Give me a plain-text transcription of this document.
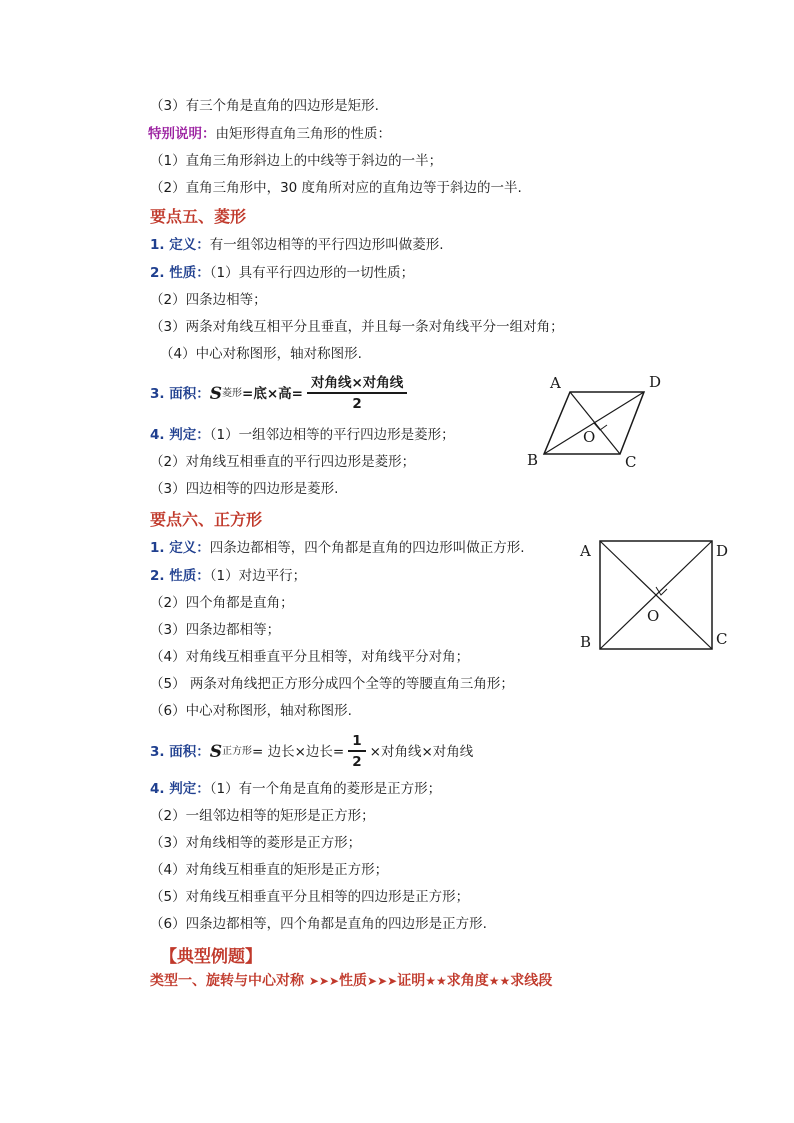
（3）有三个角是直角的四边形是矩形.
特别说明：由矩形得直角三角形的性质：
（1）直角三角形斜边上的中线等于斜边的一半；
（2）直角三角形中，30 度角所对应的直角边等于斜边的一半.
要点五、菱形
1. 定义：有一组邻边相等的平行四边形叫做菱形.
2. 性质：（1）具有平行四边形的一切性质；
（2）四条边相等；
（3）两条对角线互相平分且垂直，并且每一条对角线平分一组对角；
（4）中心对称图形，轴对称图形.
3. 面积：S菱形=底×高= $\frac{\text{对角线×对角线}}{2}$
4. 判定：（1）一组邻边相等的平行四边形是菱形；
（2）对角线互相垂直的平行四边形是菱形；
（3）四边相等的四边形是菱形.
A	D
B	C
O
要点六、正方形
1. 定义：四条边都相等，四个角都是直角的四边形叫做正方形.
2. 性质：（1）对边平行；
（2）四个角都是直角；
（3）四条边都相等；
（4）对角线互相垂直平分且相等，对角线平分对角；
（5） 两条对角线把正方形分成四个全等的等腰直角三角形；
（6）中心对称图形，轴对称图形.
3. 面积：S正方形= 边长×边长= $\frac{1}{2}$ ×对角线×对角线
4. 判定：（1）有一个角是直角的菱形是正方形；
（2）一组邻边相等的矩形是正方形；
（3）对角线相等的菱形是正方形；
（4）对角线互相垂直的矩形是正方形；
（5）对角线互相垂直平分且相等的四边形是正方形；
（6）四条边都相等，四个角都是直角的四边形是正方形.
A	D
B	C
O
【典型例题】
类型一、旋转与中心对称 ➤➤➤性质➤➤➤证明★★求角度★★求线段
